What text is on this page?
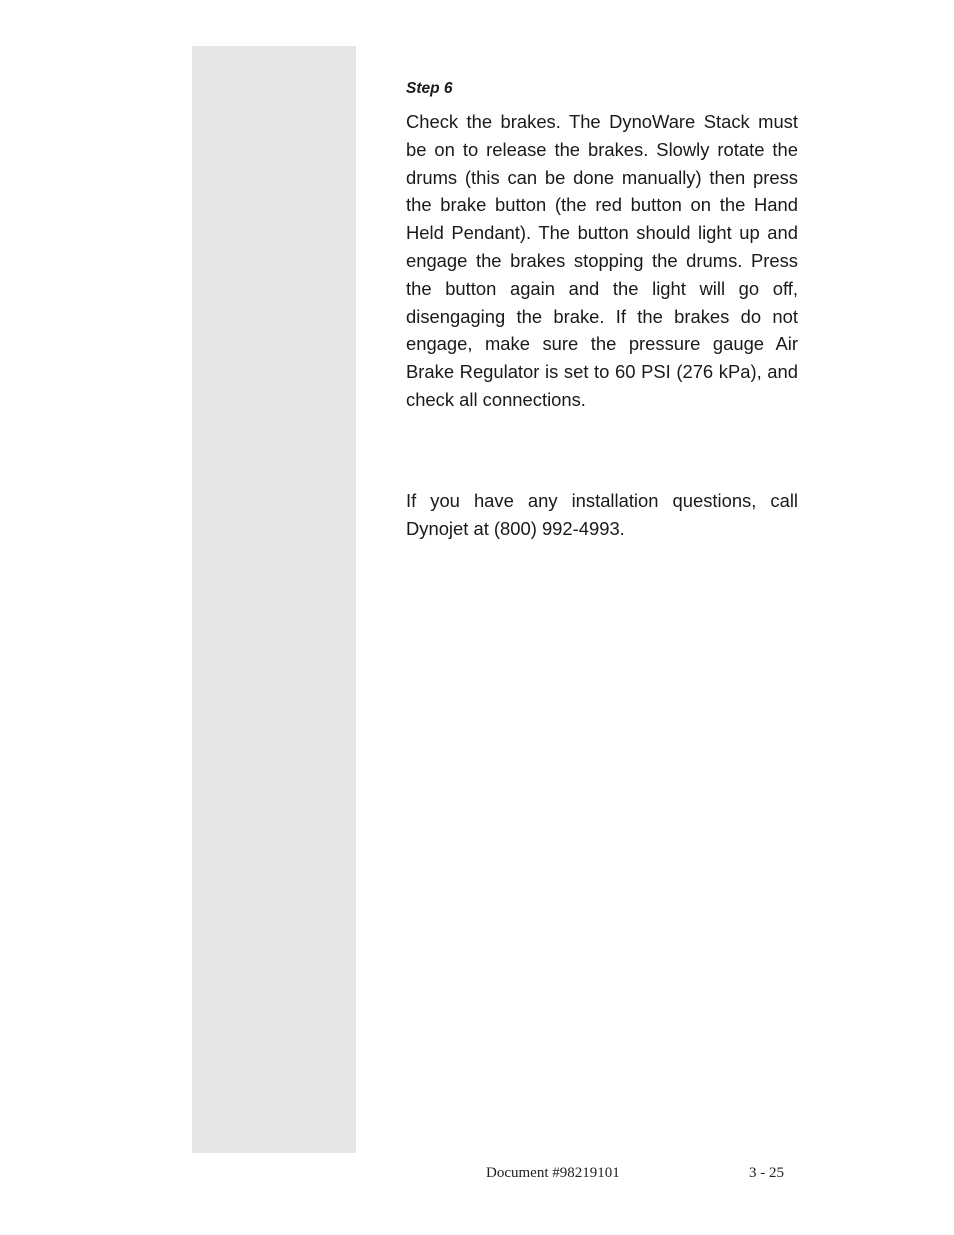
Step 6

Check the brakes. The DynoWare Stack must be on to release the brakes. Slowly rotate the drums (this can be done manually) then press the brake button (the red button on the Hand Held Pendant). The button should light up and engage the brakes stopping the drums. Press the button again and the light will go off, disengaging the brake. If the brakes do not engage, make sure the pressure gauge Air Brake Regulator is set to 60 PSI (276 kPa), and check all connections.

If you have any installation questions, call Dynojet at (800) 992-4993.

Document #98219101	3 - 25
